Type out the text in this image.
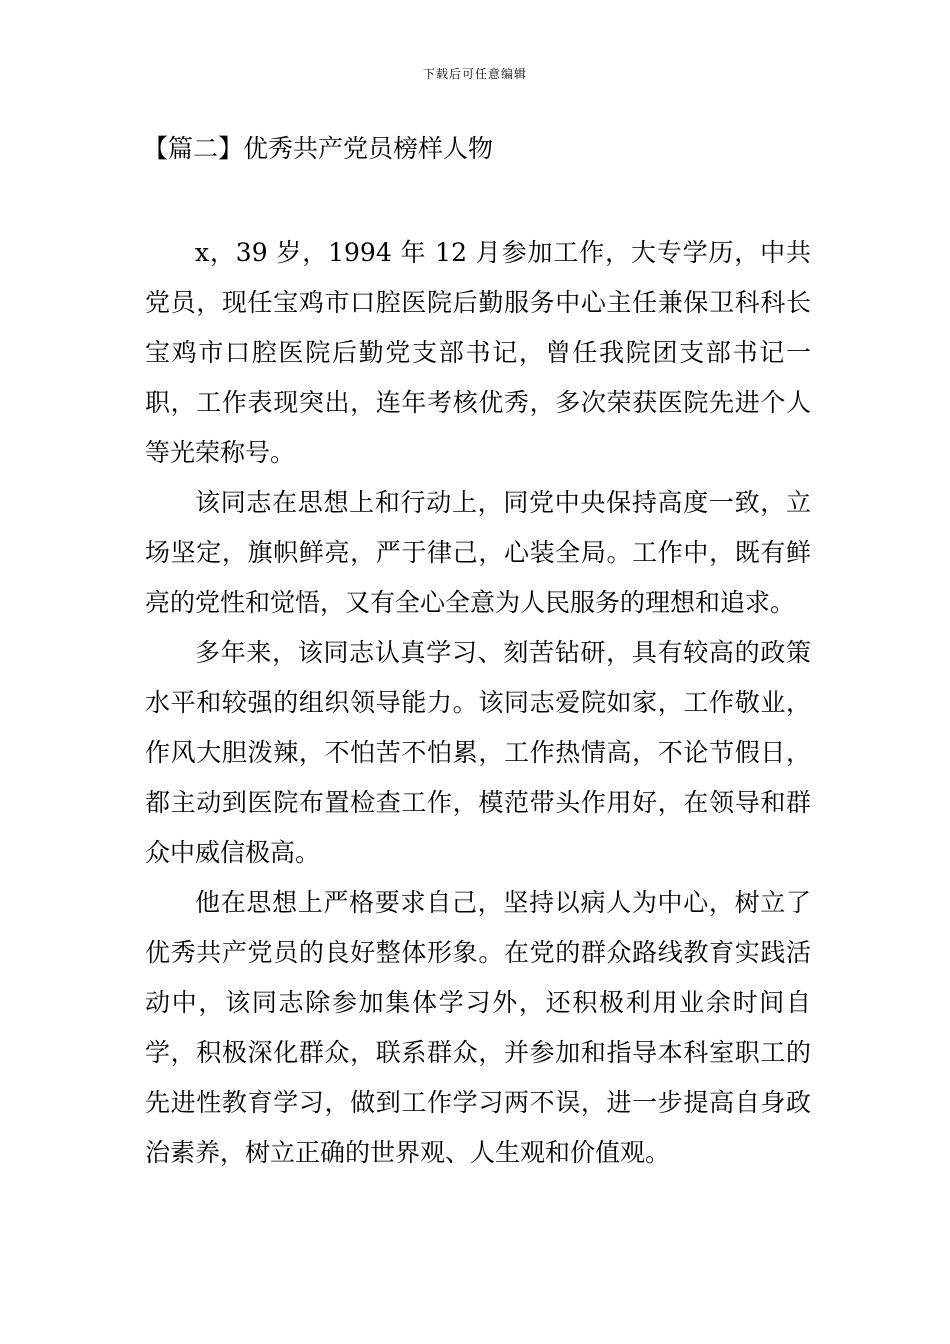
下载后可任意编辑
【篇二】优秀共产党员榜样人物

x，39 岁，1994 年 12 月参加工作，大专学历，中共党员，现任宝鸡市口腔医院后勤服务中心主任兼保卫科科长宝鸡市口腔医院后勤党支部书记，曾任我院团支部书记一职，工作表现突出，连年考核优秀，多次荣获医院先进个人等光荣称号。

该同志在思想上和行动上，同党中央保持高度一致，立场坚定，旗帜鲜亮，严于律己，心装全局。工作中，既有鲜亮的党性和觉悟，又有全心全意为人民服务的理想和追求。

多年来，该同志认真学习、刻苦钻研，具有较高的政策水平和较强的组织领导能力。该同志爱院如家，工作敬业，作风大胆泼辣，不怕苦不怕累，工作热情高，不论节假日，都主动到医院布置检查工作，模范带头作用好，在领导和群众中威信极高。

他在思想上严格要求自己，坚持以病人为中心，树立了优秀共产党员的良好整体形象。在党的群众路线教育实践活动中，该同志除参加集体学习外，还积极利用业余时间自学，积极深化群众，联系群众，并参加和指导本科室职工的先进性教育学习，做到工作学习两不误，进一步提高自身政治素养，树立正确的世界观、人生观和价值观。
